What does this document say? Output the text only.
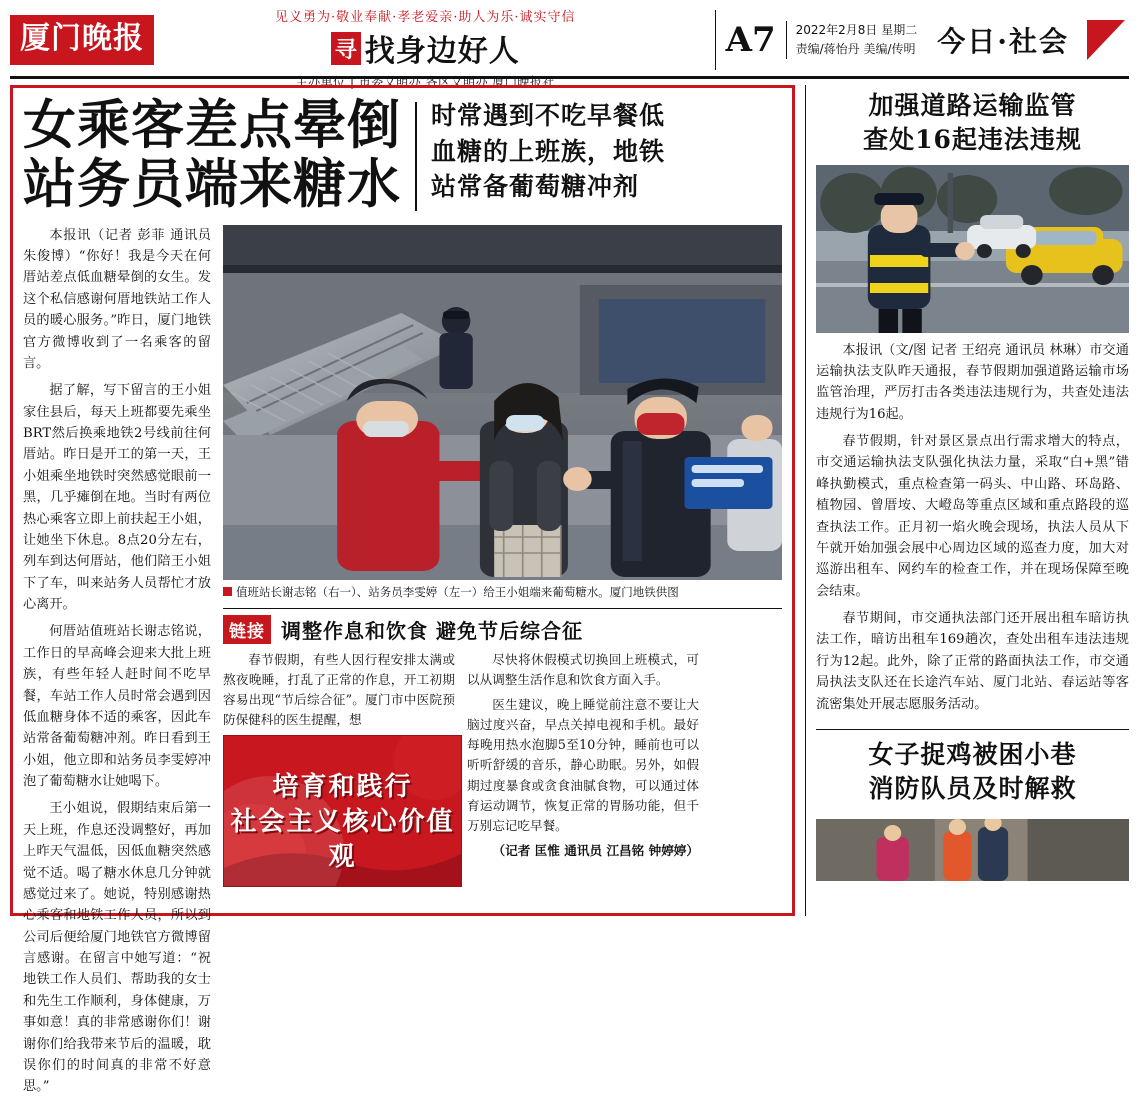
厦门晚报
见义勇为·敬业奉献·孝老爱亲·助人为乐·诚实守信
寻 找身边好人
主办单位 | 市委文明办 各区文明办 厦门晚报社
A7 2022年2月8日 星期二
责编/蒋怡丹 美编/传明 今日·社会
女乘客差点晕倒
站务员端来糖水
时常遇到不吃早餐低血糖的上班族，地铁站常备葡萄糖冲剂

本报讯（记者 彭菲 通讯员 朱俊博）“你好！我是今天在何厝站差点低血糖晕倒的女生。发这个私信感谢何厝地铁站工作人员的暖心服务。”昨日，厦门地铁官方微博收到了一名乘客的留言。

据了解，写下留言的王小姐家住县后，每天上班都要先乘坐BRT然后换乘地铁2号线前往何厝站。昨日是开工的第一天，王小姐乘坐地铁时突然感觉眼前一黑，几乎瘫倒在地。当时有两位热心乘客立即上前扶起王小姐，让她坐下休息。8点20分左右，列车到达何厝站，他们陪王小姐下了车，叫来站务人员帮忙才放心离开。

何厝站值班站长谢志铭说，工作日的早高峰会迎来大批上班族，有些年轻人赶时间不吃早餐，车站工作人员时常会遇到因低血糖身体不适的乘客，因此车站常备葡萄糖冲剂。昨日看到王小姐，他立即和站务员李雯婷冲泡了葡萄糖水让她喝下。

王小姐说，假期结束后第一天上班，作息还没调整好，再加上昨天气温低，因低血糖突然感觉不适。喝了糖水休息几分钟就感觉过来了。她说，特别感谢热心乘客和地铁工作人员，所以到公司后便给厦门地铁官方微博留言感谢。在留言中她写道：“祝地铁工作人员们、帮助我的女士和先生工作顺利，身体健康，万事如意！真的非常感谢你们！谢谢你们给我带来节后的温暖，耽误你们的时间真的非常不好意思。”

值班站长谢志铭（右一）、站务员李雯婷（左一）给王小姐端来葡萄糖水。厦门地铁供图
链接 调整作息和饮食 避免节后综合征

春节假期，有些人因行程安排太满或熬夜晚睡，打乱了正常的作息，开工初期容易出现“节后综合征”。厦门市中医院预防保健科的医生提醒，想

培育和践行
社会主义核心价值观

尽快将休假模式切换回上班模式，可以从调整生活作息和饮食方面入手。

医生建议，晚上睡觉前注意不要让大脑过度兴奋，早点关掉电视和手机。最好每晚用热水泡脚5至10分钟，睡前也可以听听舒缓的音乐，静心助眠。另外，如假期过度暴食或贪食油腻食物，可以通过体育运动调节，恢复正常的胃肠功能，但千万别忘记吃早餐。

（记者 匡惟 通讯员 江昌铭 钟婷婷）
加强道路运输监管
查处16起违法违规

本报讯（文/图 记者 王绍亮 通讯员 林琳）市交通运输执法支队昨天通报，春节假期加强道路运输市场监管治理，严厉打击各类违法违规行为，共查处违法违规行为16起。

春节假期，针对景区景点出行需求增大的特点，市交通运输执法支队强化执法力量，采取“白+黑”错峰执勤模式，重点检查第一码头、中山路、环岛路、植物园、曾厝垵、大嶝岛等重点区域和重点路段的巡查执法工作。正月初一焰火晚会现场，执法人员从下午就开始加强会展中心周边区域的巡查力度，加大对巡游出租车、网约车的检查工作，并在现场保障至晚会结束。

春节期间，市交通执法部门还开展出租车暗访执法工作，暗访出租车169趟次，查处出租车违法违规行为12起。此外，除了正常的路面执法工作，市交通局执法支队还在长途汽车站、厦门北站、春运站等客流密集处开展志愿服务活动。

女子捉鸡被困小巷
消防队员及时解救
